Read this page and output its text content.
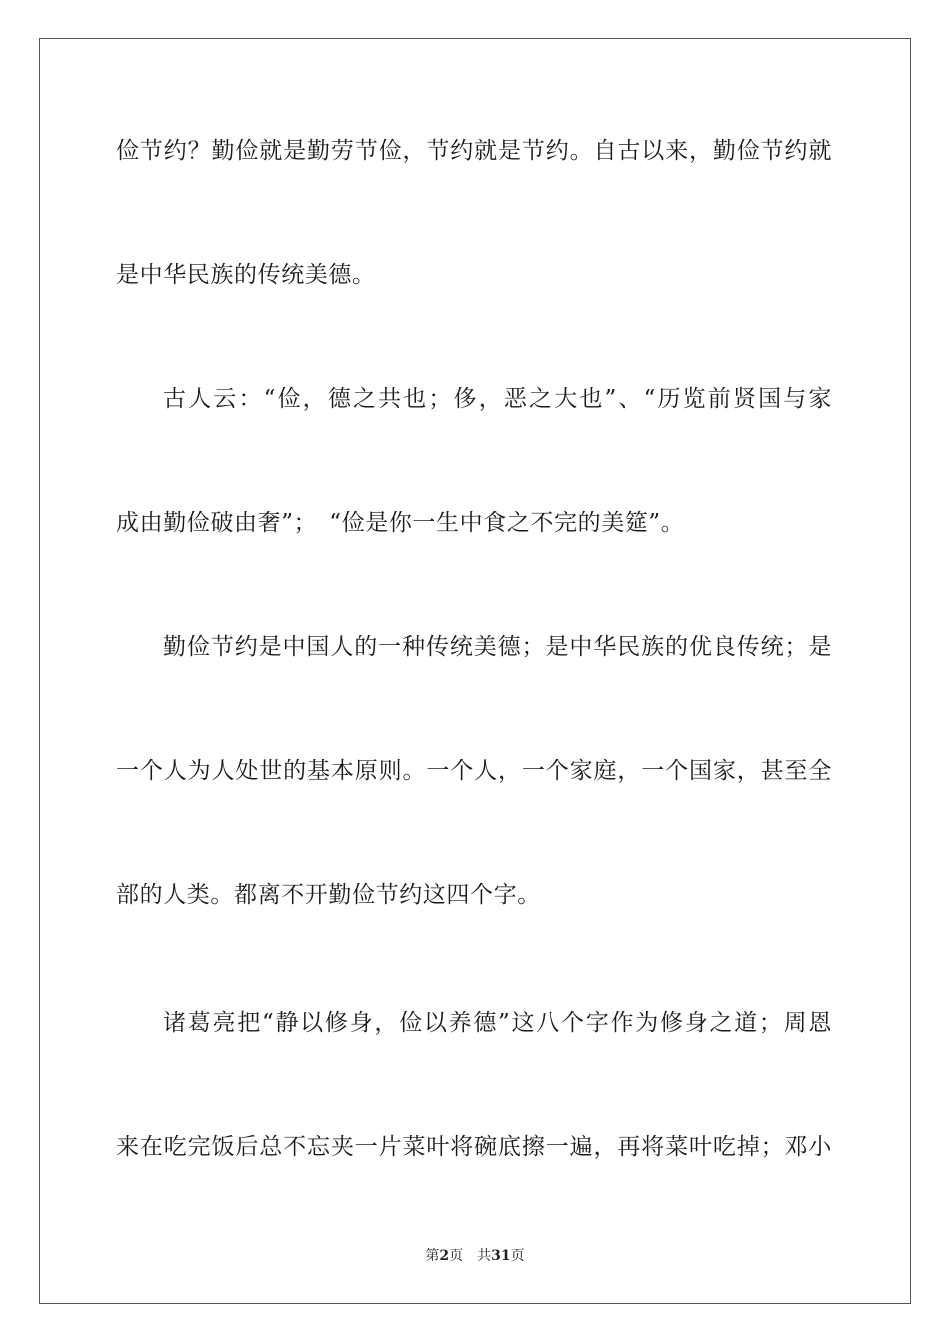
俭节约？勤俭就是勤劳节俭，节约就是节约。自古以来，勤俭节约就
是中华民族的传统美德。
古人云：“俭，德之共也；侈，恶之大也”、“历览前贤国与家
成由勤俭破由奢”；　“俭是你一生中食之不完的美筵”。
勤俭节约是中国人的一种传统美德；是中华民族的优良传统；是
一个人为人处世的基本原则。一个人，一个家庭，一个国家，甚至全
部的人类。都离不开勤俭节约这四个字。
诸葛亮把“静以修身，俭以养德”这八个字作为修身之道；周恩
来在吃完饭后总不忘夹一片菜叶将碗底擦一遍，再将菜叶吃掉；邓小
第2页 共31页
